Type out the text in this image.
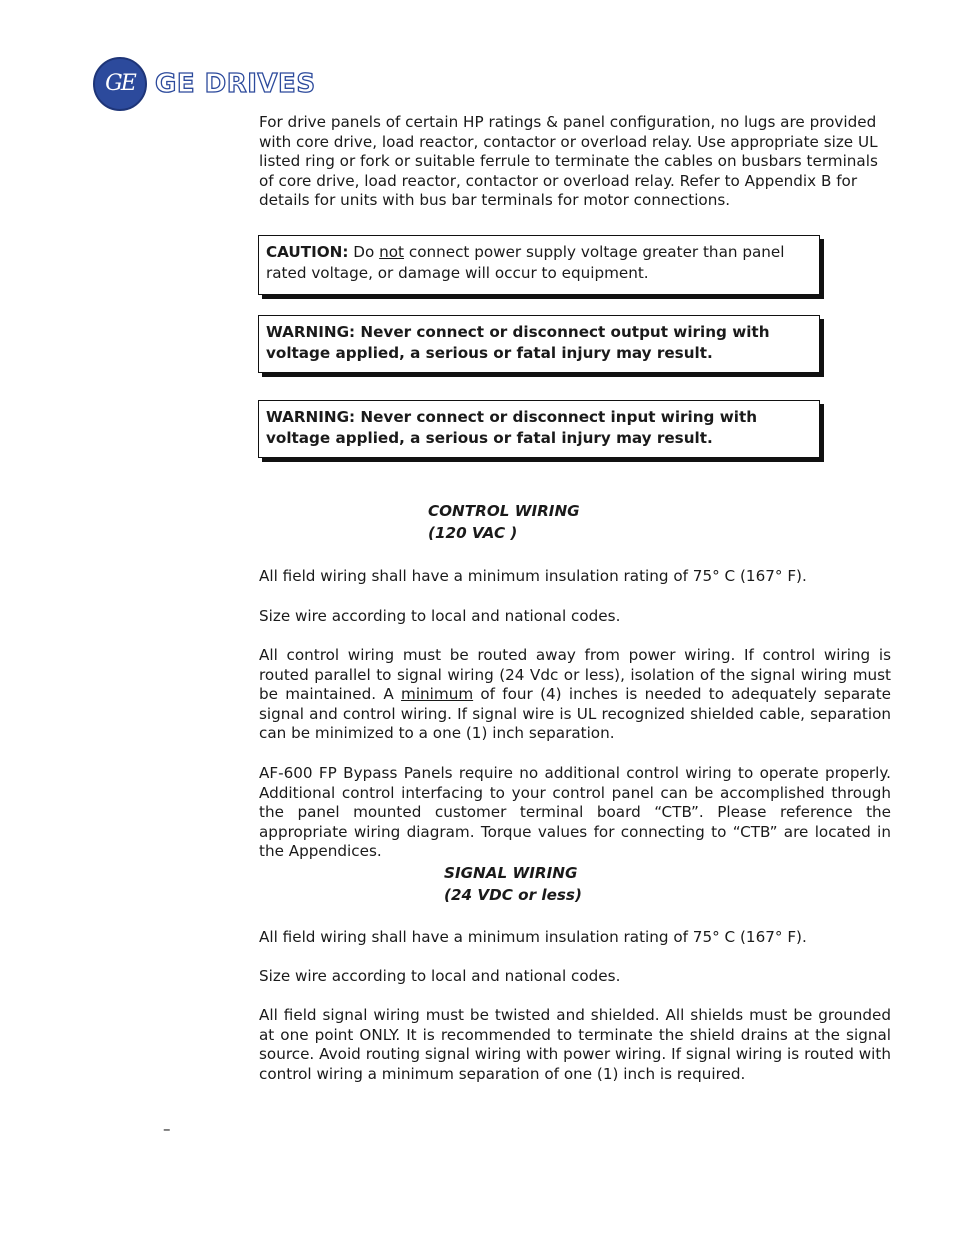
GE GE DRIVES

For drive panels of certain HP ratings & panel configuration, no lugs are provided with core drive, load reactor, contactor or overload relay. Use appropriate size UL listed ring or fork or suitable ferrule to terminate the cables on busbars terminals of core drive, load reactor, contactor or overload relay. Refer to Appendix B for details for units with bus bar terminals for motor connections.

CAUTION: Do not connect power supply voltage greater than panel rated voltage, or damage will occur to equipment.
WARNING: Never connect or disconnect output wiring with voltage applied, a serious or fatal injury may result.
WARNING: Never connect or disconnect input wiring with voltage applied, a serious or fatal injury may result.
CONTROL WIRING
(120 VAC )

All field wiring shall have a minimum insulation rating of 75° C (167° F).

Size wire according to local and national codes.

All control wiring must be routed away from power wiring. If control wiring is routed parallel to signal wiring (24 Vdc or less), isolation of the signal wiring must be maintained. A minimum of four (4) inches is needed to adequately separate signal and control wiring. If signal wire is UL recognized shielded cable, separation can be minimized to a one (1) inch separation.

AF-600 FP Bypass Panels require no additional control wiring to operate properly. Additional control interfacing to your control panel can be accomplished through the panel mounted customer terminal board “CTB”. Please reference the appropriate wiring diagram. Torque values for connecting to “CTB” are located in the Appendices.

SIGNAL WIRING
(24 VDC or less)

All field wiring shall have a minimum insulation rating of 75° C (167° F).

Size wire according to local and national codes.

All field signal wiring must be twisted and shielded. All shields must be grounded at one point ONLY. It is recommended to terminate the shield drains at the signal source. Avoid routing signal wiring with power wiring. If signal wiring is routed with control wiring a minimum separation of one (1) inch is required.

–
